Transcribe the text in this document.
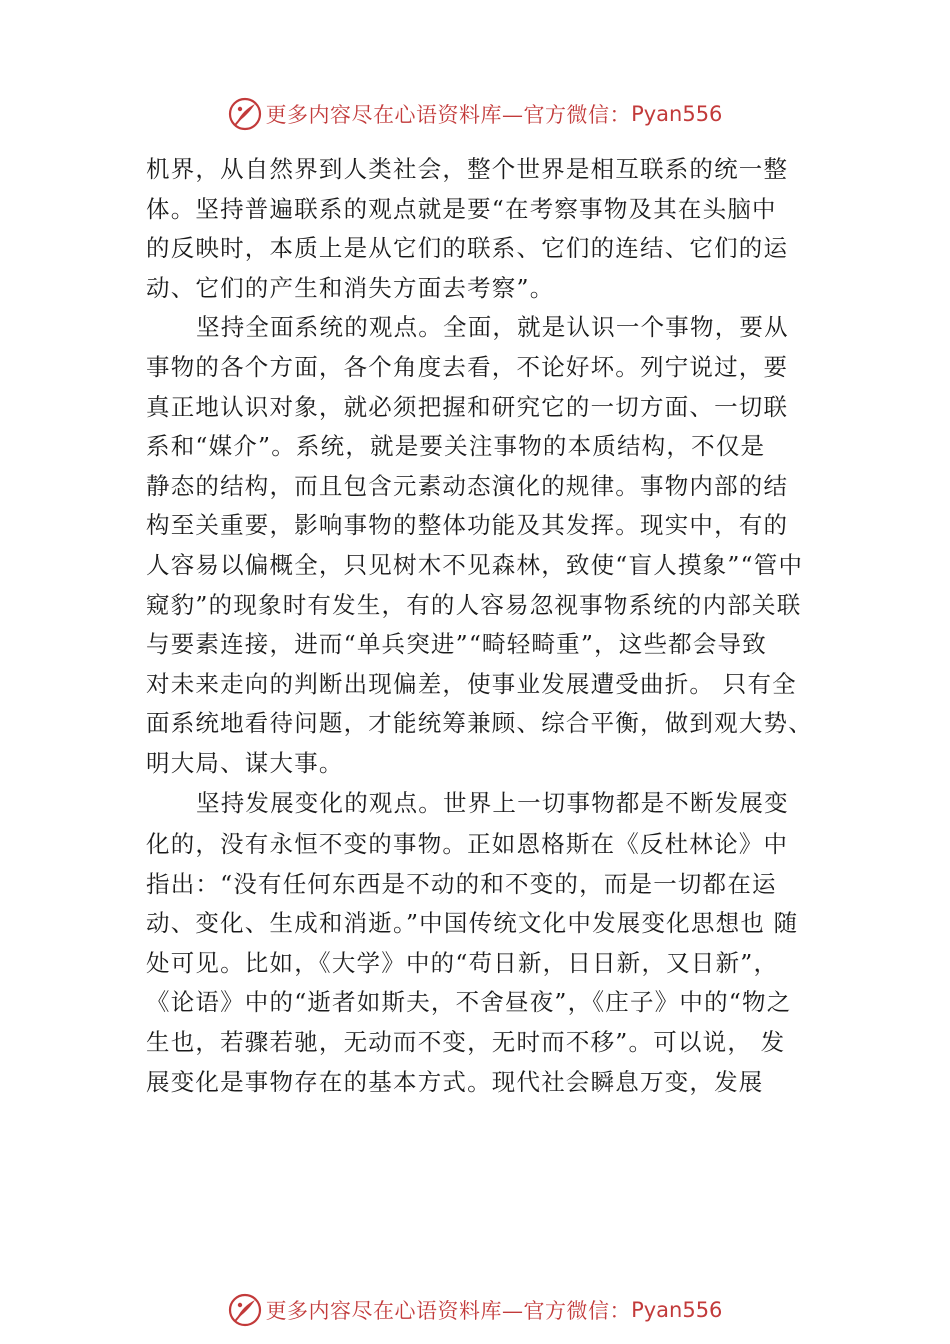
更多内容尽在心语资料库—官方微信： Pyan556
机界，从自然界到人类社会，整个世界是相互联系的统一整
体。坚持普遍联系的观点就是要“在考察事物及其在头脑中
的反映时，本质上是从它们的联系、它们的连结、它们的运
动、它们的产生和消失方面去考察”。
坚持全面系统的观点。全面，就是认识一个事物，要从
事物的各个方面，各个角度去看，不论好坏。列宁说过，要
真正地认识对象，就必须把握和研究它的一切方面、一切联
系和“媒介”。系统，就是要关注事物的本质结构，不仅是
静态的结构，而且包含元素动态演化的规律。事物内部的结
构至关重要，影响事物的整体功能及其发挥。现实中，有的
人容易以偏概全，只见树木不见森林，致使“盲人摸象”“管中
窥豹”的现象时有发生，有的人容易忽视事物系统的内部关联
与要素连接，进而“单兵突进”“畸轻畸重”，这些都会导致
对未来走向的判断出现偏差，使事业发展遭受曲折。 只有全
面系统地看待问题，才能统筹兼顾、综合平衡，做到观大势、
明大局、谋大事。
坚持发展变化的观点。世界上一切事物都是不断发展变
化的，没有永恒不变的事物。正如恩格斯在《反杜林论》中
指出：“没有任何东西是不动的和不变的，而是一切都在运
动、变化、生成和消逝。”中国传统文化中发展变化思想也 随
处可见。比如，《大学》中的“苟日新，日日新，又日新”，
《论语》中的“逝者如斯夫，不舍昼夜”，《庄子》中的“物之
生也，若骤若驰，无动而不变，无时而不移”。可以说， 发
展变化是事物存在的基本方式。现代社会瞬息万变，发展
更多内容尽在心语资料库—官方微信： Pyan556
